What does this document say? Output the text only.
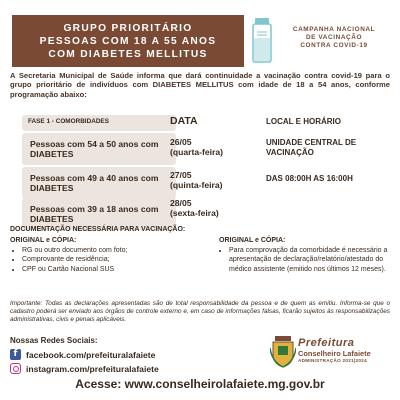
GRUPO PRIORITÁRIO
PESSOAS COM 18 A 55 ANOS
COM DIABETES MELLITUS
CAMPANHA NACIONAL
DE VACINAÇÃO
CONTRA COVID-19
A Secretaria Municipal de Saúde informa que dará continuidade a vacinação contra covid-19 para o grupo prioritário de indivíduos com DIABETES MELLITUS com idade de 18 a 54 anos, conforme programação abaixo:
FASE 1 - COMORBIDADES	DATA	LOCAL E HORÁRIO
Pessoas com 54 a 50 anos com DIABETES
26/05
(quarta-feira)
Pessoas com 49 a 40 anos com DIABETES
27/05
(quinta-feira)
Pessoas com 39 a 18 anos com DIABETES
28/05
(sexta-feira)
UNIDADE CENTRAL DE VACINAÇÃO
DAS 08:00H AS 16:00H
DOCUMENTAÇÃO NECESSÁRIA PARA VACINAÇÃO:
ORIGINAL e CÓPIA:
• RG ou outro documento com foto;
• Comprovante de residência;
• CPF ou Cartão Nacional SUS
ORIGINAL e CÓPIA:
• Para comprovação da comorbidade é necessário a apresentação de declaração/relatório/atestado do médico assistente (emitido nos últimos 12 meses).
Importante: Todas as declarações apresentadas são de total responsabilidade da pessoa e de quem as emitiu. Informa-se que o cadastro poderá ser enviado aos órgãos de controle externo e, em caso de informações falsas, ficarão sujeitos às responsabilizações administrativas, civis e penais aplicáveis.
Nossas Redes Sociais:
f facebook.com/prefeituralafaiete
instagram.com/prefeituralafaiete
Prefeitura
Conselheiro Lafaiete
ADMINISTRAÇÃO 2021|2024
Acesse: www.conselheirolafaiete.mg.gov.br
